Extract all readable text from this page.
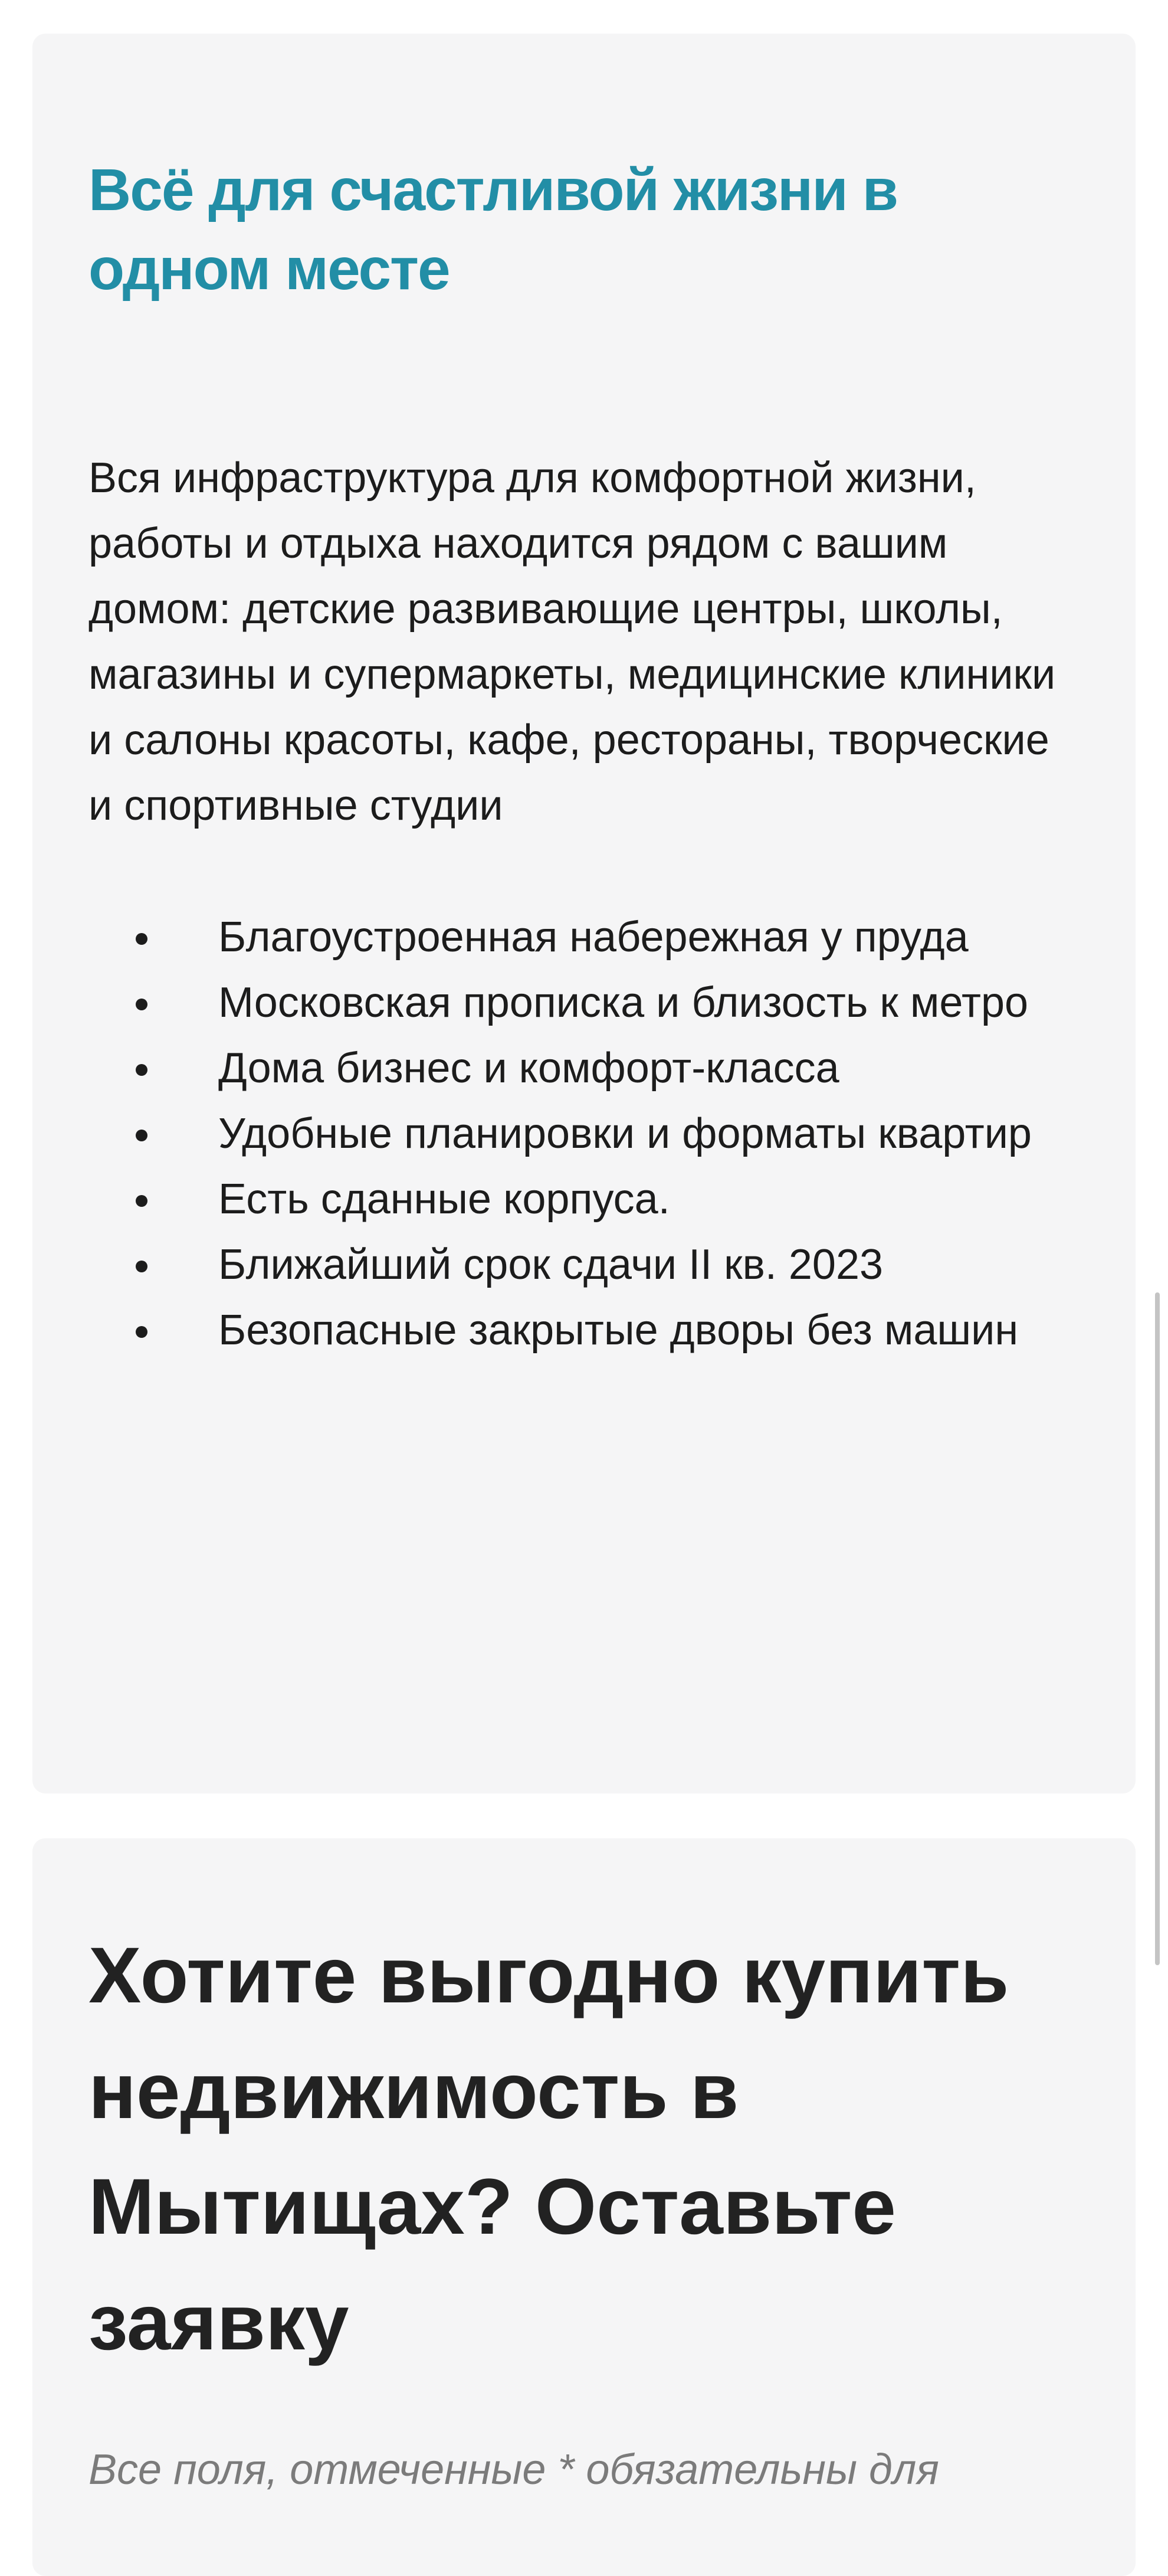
Всё для счастливой жизни в одном месте

Вся инфраструктура для комфортной жизни, работы и отдыха находится рядом с вашим домом: детские развивающие центры, школы, магазины и супермаркеты, медицинские клиники и салоны красоты, кафе, рестораны, творческие и спортивные студии

Благоустроенная набережная у пруда
Московская прописка и близость к метро
Дома бизнес и комфорт-класса
Удобные планировки и форматы квартир
Есть сданные корпуса.
Ближайший срок сдачи II кв. 2023
Безопасные закрытые дворы без машин
Хотите выгодно купить недвижимость в Мытищах? Оставьте заявку

Все поля, отмеченные * обязательны для
